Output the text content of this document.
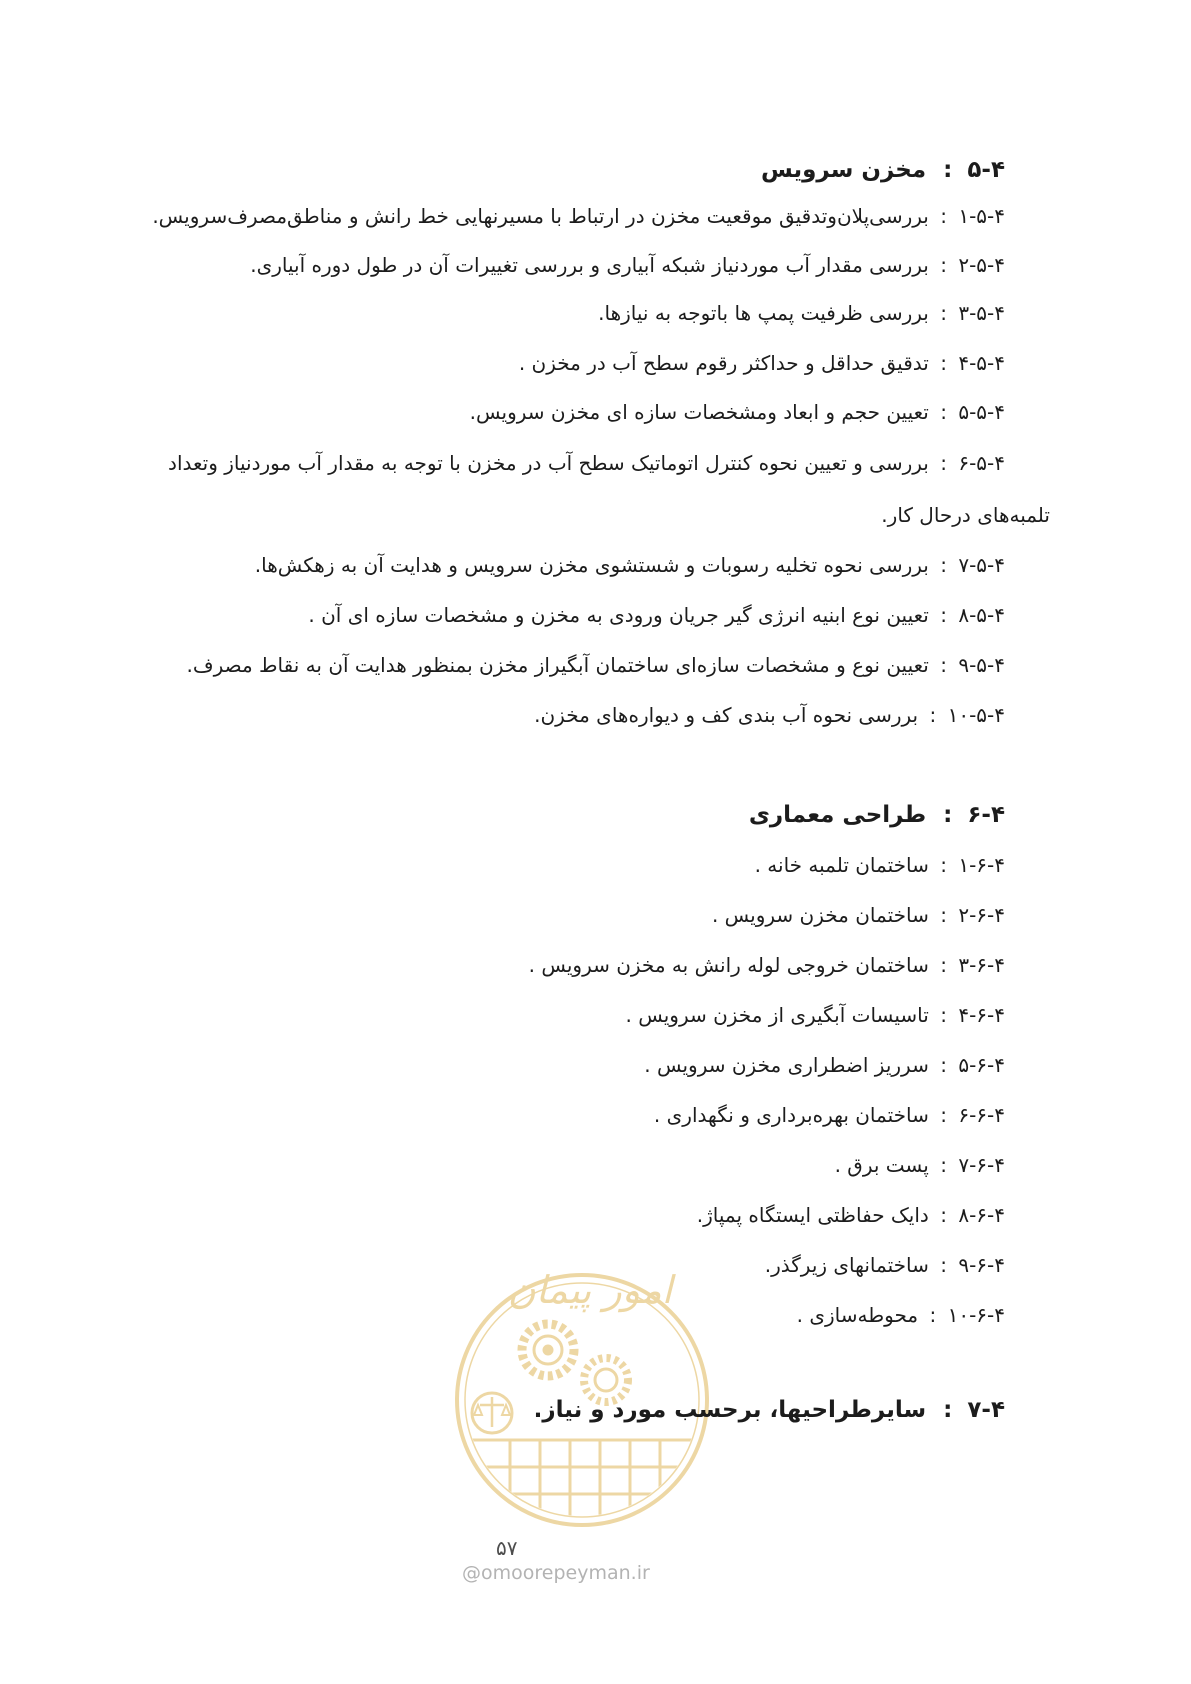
امور پیمان
۴
-
۵
: مخزن سرویس
۴
-
۵
-
۱
: بررسی‌پلان‌وتدقیق موقعیت مخزن در ارتباط با مسیرنهایی خط رانش و مناطق‌مصرف‌سرویس.
۴
-
۵
-
۲
: بررسی مقدار آب موردنیاز شبکه آبیاری و بررسی تغییرات آن در طول دوره آبیاری.
۴
-
۵
-
۳
: بررسی ظرفیت پمپ ها باتوجه به نیازها.
۴
-
۵
-
۴
: تدقیق حداقل و حداکثر رقوم سطح آب در مخزن .
۴
-
۵
-
۵
: تعیین حجم و ابعاد ومشخصات سازه ای مخزن سرویس.
۴
-
۵
-
۶
: بررسی و تعیین نحوه کنترل اتوماتیک سطح آب در مخزن با توجه به مقدار آب موردنیاز وتعداد
تلمبه‌های درحال کار.
۴
-
۵
-
۷
: بررسی نحوه تخلیه رسوبات و شستشوی مخزن سرویس و هدایت آن به زهکش‌ها.
۴
-
۵
-
۸
: تعیین نوع ابنیه انرژی گیر جریان ورودی به مخزن و مشخصات سازه ای آن .
۴
-
۵
-
۹
: تعیین نوع و مشخصات سازه‌ای ساختمان آبگیراز مخزن بمنظور هدایت آن به نقاط مصرف.
۴
-
۵
-
۱۰
: بررسی نحوه آب بندی کف و دیواره‌های مخزن.
۴
-
۶
: طراحی معماری
۴
-
۶
-
۱
: ساختمان تلمبه خانه .
۴
-
۶
-
۲
: ساختمان مخزن سرویس .
۴
-
۶
-
۳
: ساختمان خروجی لوله رانش به مخزن سرویس .
۴
-
۶
-
۴
: تاسیسات آبگیری از مخزن سرویس .
۴
-
۶
-
۵
: سرریز اضطراری مخزن سرویس .
۴
-
۶
-
۶
: ساختمان بهره‌برداری و نگهداری .
۴
-
۶
-
۷
: پست برق .
۴
-
۶
-
۸
: دایک حفاظتی ایستگاه پمپاژ.
۴
-
۶
-
۹
: ساختمانهای زیرگذر.
۴
-
۶
-
۱۰
: محوطه‌سازی .
۴
-
۷
: سایرطراحیها، برحسب مورد و نیاز.
۵۷
@omoorepeyman.ir
